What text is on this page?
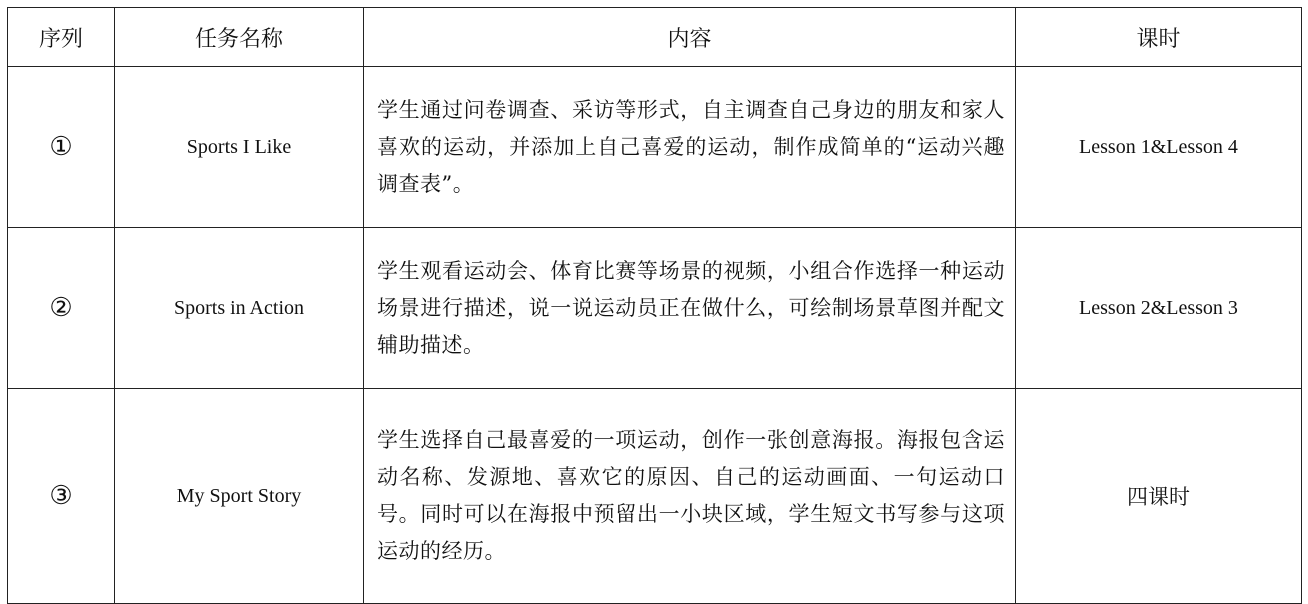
序列	任务名称	内容	课时
①	Sports I Like	学生通过问卷调查、采访等形式，自主调查自己身边的朋友和家人喜欢的运动，并添加上自己喜爱的运动，制作成简单的“运动兴趣调查表”。	Lesson 1&Lesson 4
②	Sports in Action	学生观看运动会、体育比赛等场景的视频，小组合作选择一种运动场景进行描述，说一说运动员正在做什么，可绘制场景草图并配文辅助描述。	Lesson 2&Lesson 3
③	My Sport Story	学生选择自己最喜爱的一项运动，创作一张创意海报。海报包含运动名称、发源地、喜欢它的原因、自己的运动画面、一句运动口号。同时可以在海报中预留出一小块区域，学生短文书写参与这项运动的经历。	四课时
